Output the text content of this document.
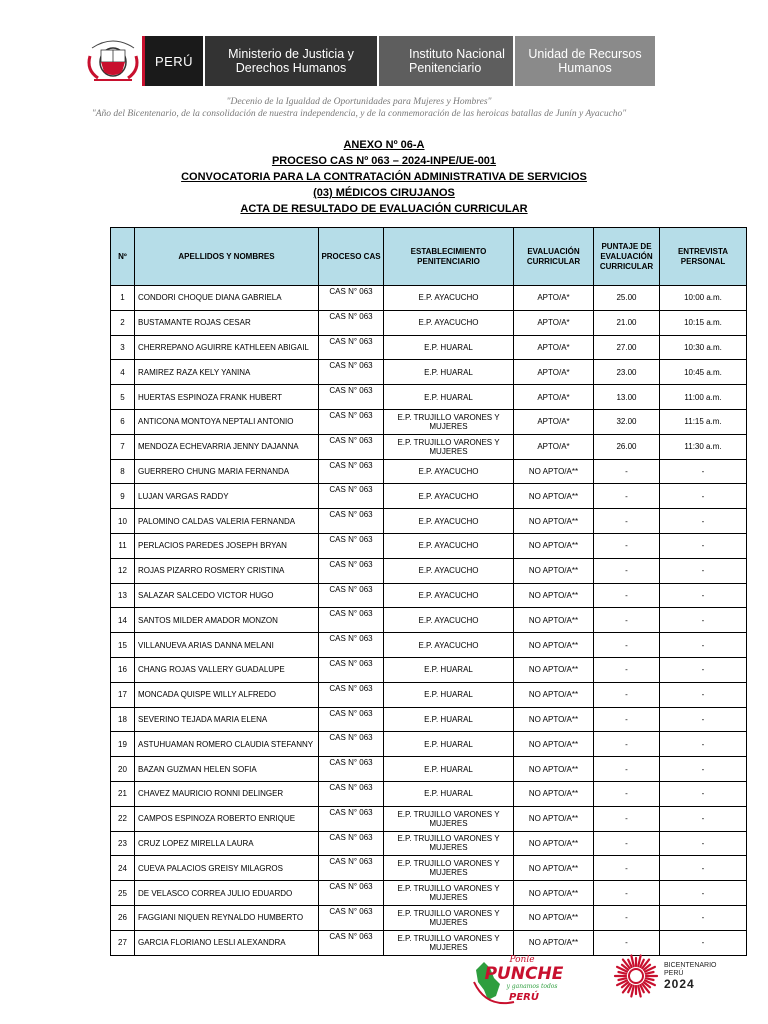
PERÚ	Ministerio de Justicia y Derechos Humanos
Instituto Nacional Penitenciario
Unidad de Recursos Humanos
"Decenio de la Igualdad de Oportunidades para Mujeres y Hombres"
"Año del Bicentenario, de la consolidación de nuestra independencia, y de la conmemoración de las heroicas batallas de Junín y Ayacucho"
ANEXO Nº 06-A
PROCESO CAS Nº 063 – 2024-INPE/UE-001
CONVOCATORIA PARA LA CONTRATACIÓN ADMINISTRATIVA DE SERVICIOS
(03) MÉDICOS CIRUJANOS
ACTA DE RESULTADO DE EVALUACIÓN CURRICULAR
Nº	APELLIDOS Y NOMBRES	PROCESO CAS	ESTABLECIMIENTO PENITENCIARIO	EVALUACIÓN CURRICULAR	PUNTAJE DE EVALUACIÓN CURRICULAR	ENTREVISTA PERSONAL
1	CONDORI CHOQUE DIANA GABRIELA	CAS N° 063	E.P. AYACUCHO	APTO/A*	25.00	10:00 a.m.
2	BUSTAMANTE ROJAS CESAR	CAS N° 063	E.P. AYACUCHO	APTO/A*	21.00	10:15 a.m.
3	CHERREPANO AGUIRRE KATHLEEN ABIGAIL	CAS N° 063	E.P. HUARAL	APTO/A*	27.00	10:30 a.m.
4	RAMIREZ RAZA KELY YANINA	CAS N° 063	E.P. HUARAL	APTO/A*	23.00	10:45 a.m.
5	HUERTAS ESPINOZA FRANK HUBERT	CAS N° 063	E.P. HUARAL	APTO/A*	13.00	11:00 a.m.
6	ANTICONA MONTOYA NEPTALI ANTONIO	CAS N° 063	E.P. TRUJILLO VARONES Y MUJERES	APTO/A*	32.00	11:15 a.m.
7	MENDOZA ECHEVARRIA JENNY DAJANNA	CAS N° 063	E.P. TRUJILLO VARONES Y MUJERES	APTO/A*	26.00	11:30 a.m.
8	GUERRERO CHUNG MARIA FERNANDA	CAS N° 063	E.P. AYACUCHO	NO APTO/A**	-	-
9	LUJAN VARGAS RADDY	CAS N° 063	E.P. AYACUCHO	NO APTO/A**	-	-
10	PALOMINO CALDAS VALERIA FERNANDA	CAS N° 063	E.P. AYACUCHO	NO APTO/A**	-	-
11	PERLACIOS PAREDES JOSEPH BRYAN	CAS N° 063	E.P. AYACUCHO	NO APTO/A**	-	-
12	ROJAS PIZARRO ROSMERY CRISTINA	CAS N° 063	E.P. AYACUCHO	NO APTO/A**	-	-
13	SALAZAR SALCEDO VICTOR HUGO	CAS N° 063	E.P. AYACUCHO	NO APTO/A**	-	-
14	SANTOS MILDER AMADOR MONZON	CAS N° 063	E.P. AYACUCHO	NO APTO/A**	-	-
15	VILLANUEVA ARIAS DANNA MELANI	CAS N° 063	E.P. AYACUCHO	NO APTO/A**	-	-
16	CHANG ROJAS VALLERY GUADALUPE	CAS N° 063	E.P. HUARAL	NO APTO/A**	-	-
17	MONCADA QUISPE WILLY ALFREDO	CAS N° 063	E.P. HUARAL	NO APTO/A**	-	-
18	SEVERINO TEJADA MARIA ELENA	CAS N° 063	E.P. HUARAL	NO APTO/A**	-	-
19	ASTUHUAMAN ROMERO CLAUDIA STEFANNY	CAS N° 063	E.P. HUARAL	NO APTO/A**	-	-
20	BAZAN GUZMAN HELEN SOFIA	CAS N° 063	E.P. HUARAL	NO APTO/A**	-	-
21	CHAVEZ MAURICIO RONNI DELINGER	CAS N° 063	E.P. HUARAL	NO APTO/A**	-	-
22	CAMPOS ESPINOZA ROBERTO ENRIQUE	CAS N° 063	E.P. TRUJILLO VARONES Y MUJERES	NO APTO/A**	-	-
23	CRUZ LOPEZ MIRELLA LAURA	CAS N° 063	E.P. TRUJILLO VARONES Y MUJERES	NO APTO/A**	-	-
24	CUEVA PALACIOS GREISY MILAGROS	CAS N° 063	E.P. TRUJILLO VARONES Y MUJERES	NO APTO/A**	-	-
25	DE VELASCO CORREA JULIO EDUARDO	CAS N° 063	E.P. TRUJILLO VARONES Y MUJERES	NO APTO/A**	-	-
26	FAGGIANI NIQUEN REYNALDO HUMBERTO	CAS N° 063	E.P. TRUJILLO VARONES Y MUJERES	NO APTO/A**	-	-
27	GARCIA FLORIANO LESLI ALEXANDRA	CAS N° 063	E.P. TRUJILLO VARONES Y MUJERES	NO APTO/A**	-	-
Ponle
PUNCHE
y ganamos todos
PERÚ
BICENTENARIO
PERÚ
2024
